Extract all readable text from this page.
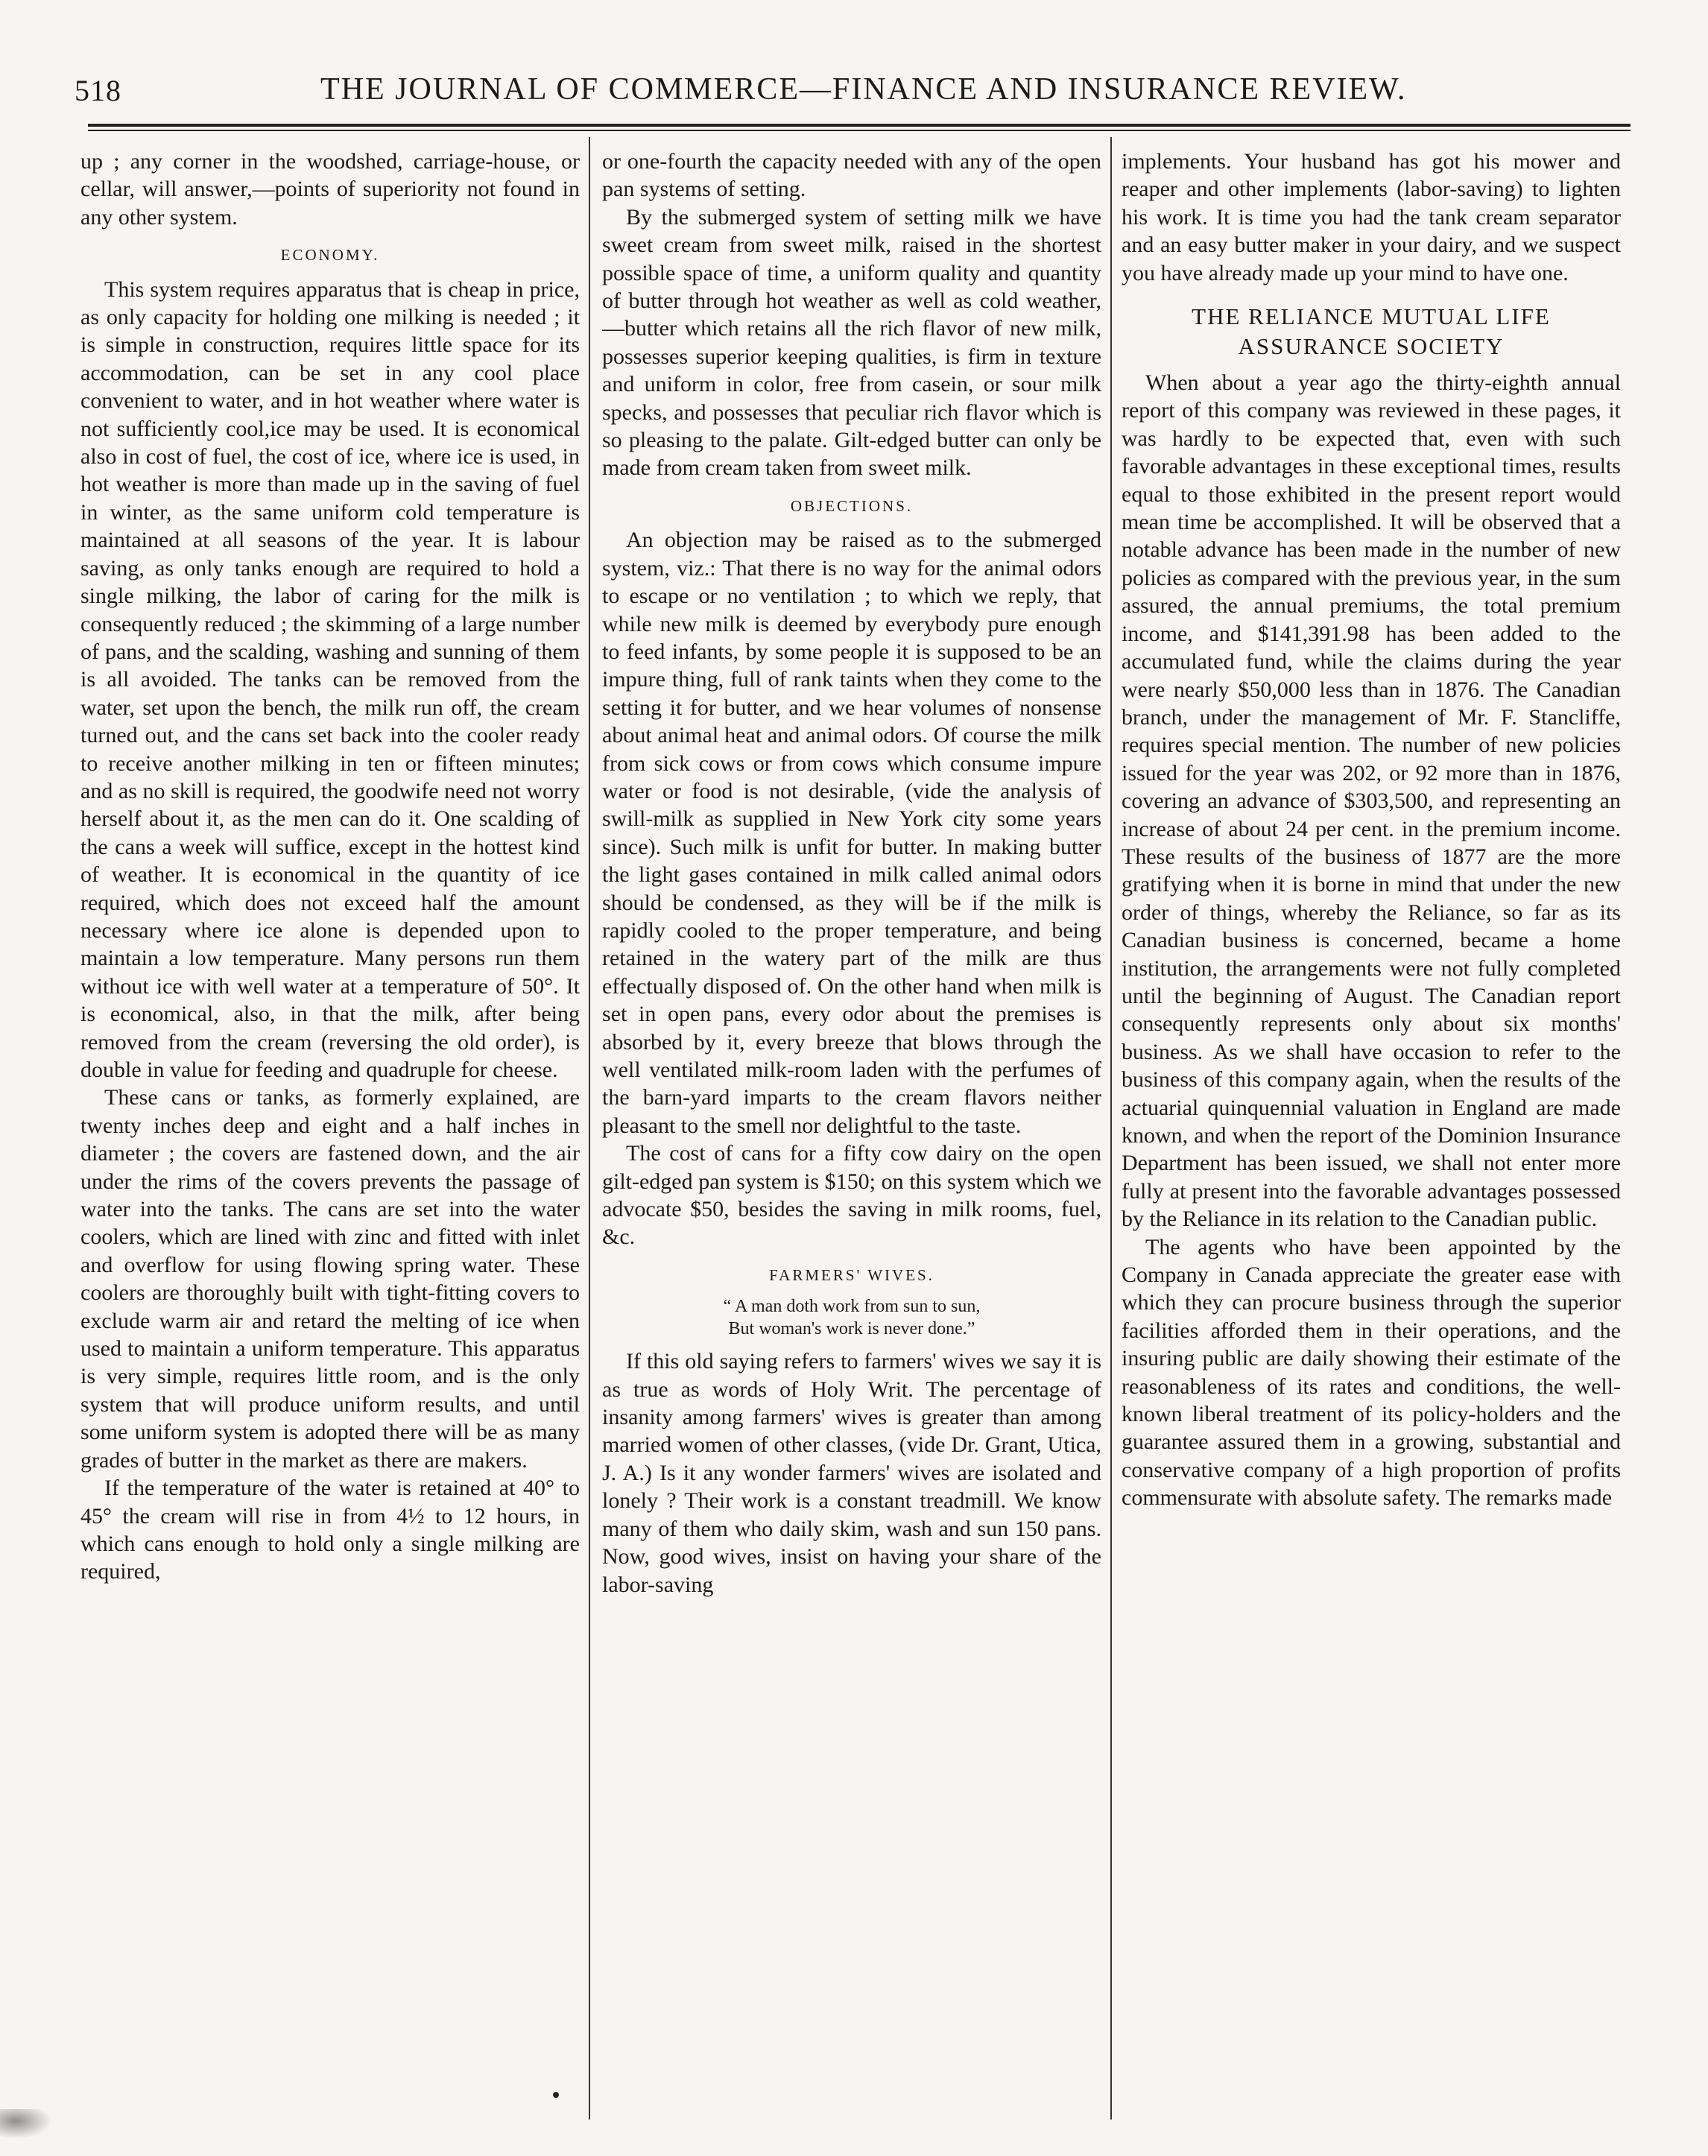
518	THE JOURNAL OF COMMERCE—FINANCE AND INSURANCE REVIEW.

up ; any corner in the woodshed, carriage-house, or cellar, will answer,—points of superiority not found in any other system.

ECONOMY.

This system requires apparatus that is cheap in price, as only capacity for holding one milking is needed ; it is simple in construction, requires little space for its accommodation, can be set in any cool place convenient to water, and in hot weather where water is not sufficiently cool,ice may be used. It is economical also in cost of fuel, the cost of ice, where ice is used, in hot weather is more than made up in the saving of fuel in winter, as the same uniform cold temperature is maintained at all seasons of the year. It is labour saving, as only tanks enough are required to hold a single milking, the labor of caring for the milk is consequently reduced ; the skimming of a large number of pans, and the scalding, washing and sunning of them is all avoided. The tanks can be removed from the water, set upon the bench, the milk run off, the cream turned out, and the cans set back into the cooler ready to receive another milking in ten or fifteen minutes; and as no skill is required, the goodwife need not worry herself about it, as the men can do it. One scalding of the cans a week will suffice, except in the hottest kind of weather. It is economical in the quantity of ice required, which does not exceed half the amount necessary where ice alone is depended upon to maintain a low temperature. Many persons run them without ice with well water at a temperature of 50°. It is economical, also, in that the milk, after being removed from the cream (reversing the old order), is double in value for feeding and quadruple for cheese.

These cans or tanks, as formerly explained, are twenty inches deep and eight and a half inches in diameter ; the covers are fastened down, and the air under the rims of the covers prevents the passage of water into the tanks. The cans are set into the water coolers, which are lined with zinc and fitted with inlet and overflow for using flowing spring water. These coolers are thoroughly built with tight-fitting covers to exclude warm air and retard the melting of ice when used to maintain a uniform temperature. This apparatus is very simple, requires little room, and is the only system that will produce uniform results, and until some uniform system is adopted there will be as many grades of butter in the market as there are makers.

If the temperature of the water is retained at 40° to 45° the cream will rise in from 4½ to 12 hours, in which cans enough to hold only a single milking are required,

or one-fourth the capacity needed with any of the open pan systems of setting.

By the submerged system of setting milk we have sweet cream from sweet milk, raised in the shortest possible space of time, a uniform quality and quantity of butter through hot weather as well as cold weather,—butter which retains all the rich flavor of new milk, possesses superior keeping qualities, is firm in texture and uniform in color, free from casein, or sour milk specks, and possesses that peculiar rich flavor which is so pleasing to the palate. Gilt-edged butter can only be made from cream taken from sweet milk.

OBJECTIONS.

An objection may be raised as to the submerged system, viz.: That there is no way for the animal odors to escape or no ventilation ; to which we reply, that while new milk is deemed by everybody pure enough to feed infants, by some people it is supposed to be an impure thing, full of rank taints when they come to the setting it for butter, and we hear volumes of nonsense about animal heat and animal odors. Of course the milk from sick cows or from cows which consume impure water or food is not desirable, (vide the analysis of swill-milk as supplied in New York city some years since). Such milk is unfit for butter. In making butter the light gases contained in milk called animal odors should be condensed, as they will be if the milk is rapidly cooled to the proper temperature, and being retained in the watery part of the milk are thus effectually disposed of. On the other hand when milk is set in open pans, every odor about the premises is absorbed by it, every breeze that blows through the well ventilated milk-room laden with the perfumes of the barn-yard imparts to the cream flavors neither pleasant to the smell nor delightful to the taste.

The cost of cans for a fifty cow dairy on the open gilt-edged pan system is $150; on this system which we advocate $50, besides the saving in milk rooms, fuel, &c.

FARMERS' WIVES.
“ A man doth work from sun to sun,
But woman's work is never done.”

If this old saying refers to farmers' wives we say it is as true as words of Holy Writ. The percentage of insanity among farmers' wives is greater than among married women of other classes, (vide Dr. Grant, Utica, J. A.) Is it any wonder farmers' wives are isolated and lonely ? Their work is a constant treadmill. We know many of them who daily skim, wash and sun 150 pans. Now, good wives, insist on having your share of the labor-saving

implements. Your husband has got his mower and reaper and other implements (labor-saving) to lighten his work. It is time you had the tank cream separator and an easy butter maker in your dairy, and we suspect you have already made up your mind to have one.

THE RELIANCE MUTUAL LIFE ASSURANCE SOCIETY

When about a year ago the thirty-eighth annual report of this company was reviewed in these pages, it was hardly to be expected that, even with such favorable advantages in these exceptional times, results equal to those exhibited in the present report would mean time be accomplished. It will be observed that a notable advance has been made in the number of new policies as compared with the previous year, in the sum assured, the annual premiums, the total premium income, and $141,391.98 has been added to the accumulated fund, while the claims during the year were nearly $50,000 less than in 1876. The Canadian branch, under the management of Mr. F. Stancliffe, requires special mention. The number of new policies issued for the year was 202, or 92 more than in 1876, covering an advance of $303,500, and representing an increase of about 24 per cent. in the premium income. These results of the business of 1877 are the more gratifying when it is borne in mind that under the new order of things, whereby the Reliance, so far as its Canadian business is concerned, became a home institution, the arrangements were not fully completed until the beginning of August. The Canadian report consequently represents only about six months' business. As we shall have occasion to refer to the business of this company again, when the results of the actuarial quinquennial valuation in England are made known, and when the report of the Dominion Insurance Department has been issued, we shall not enter more fully at present into the favorable advantages possessed by the Reliance in its relation to the Canadian public.

The agents who have been appointed by the Company in Canada appreciate the greater ease with which they can procure business through the superior facilities afforded them in their operations, and the insuring public are daily showing their estimate of the reasonableness of its rates and conditions, the well-known liberal treatment of its policy-holders and the guarantee assured them in a growing, substantial and conservative company of a high proportion of profits commensurate with absolute safety. The remarks made
